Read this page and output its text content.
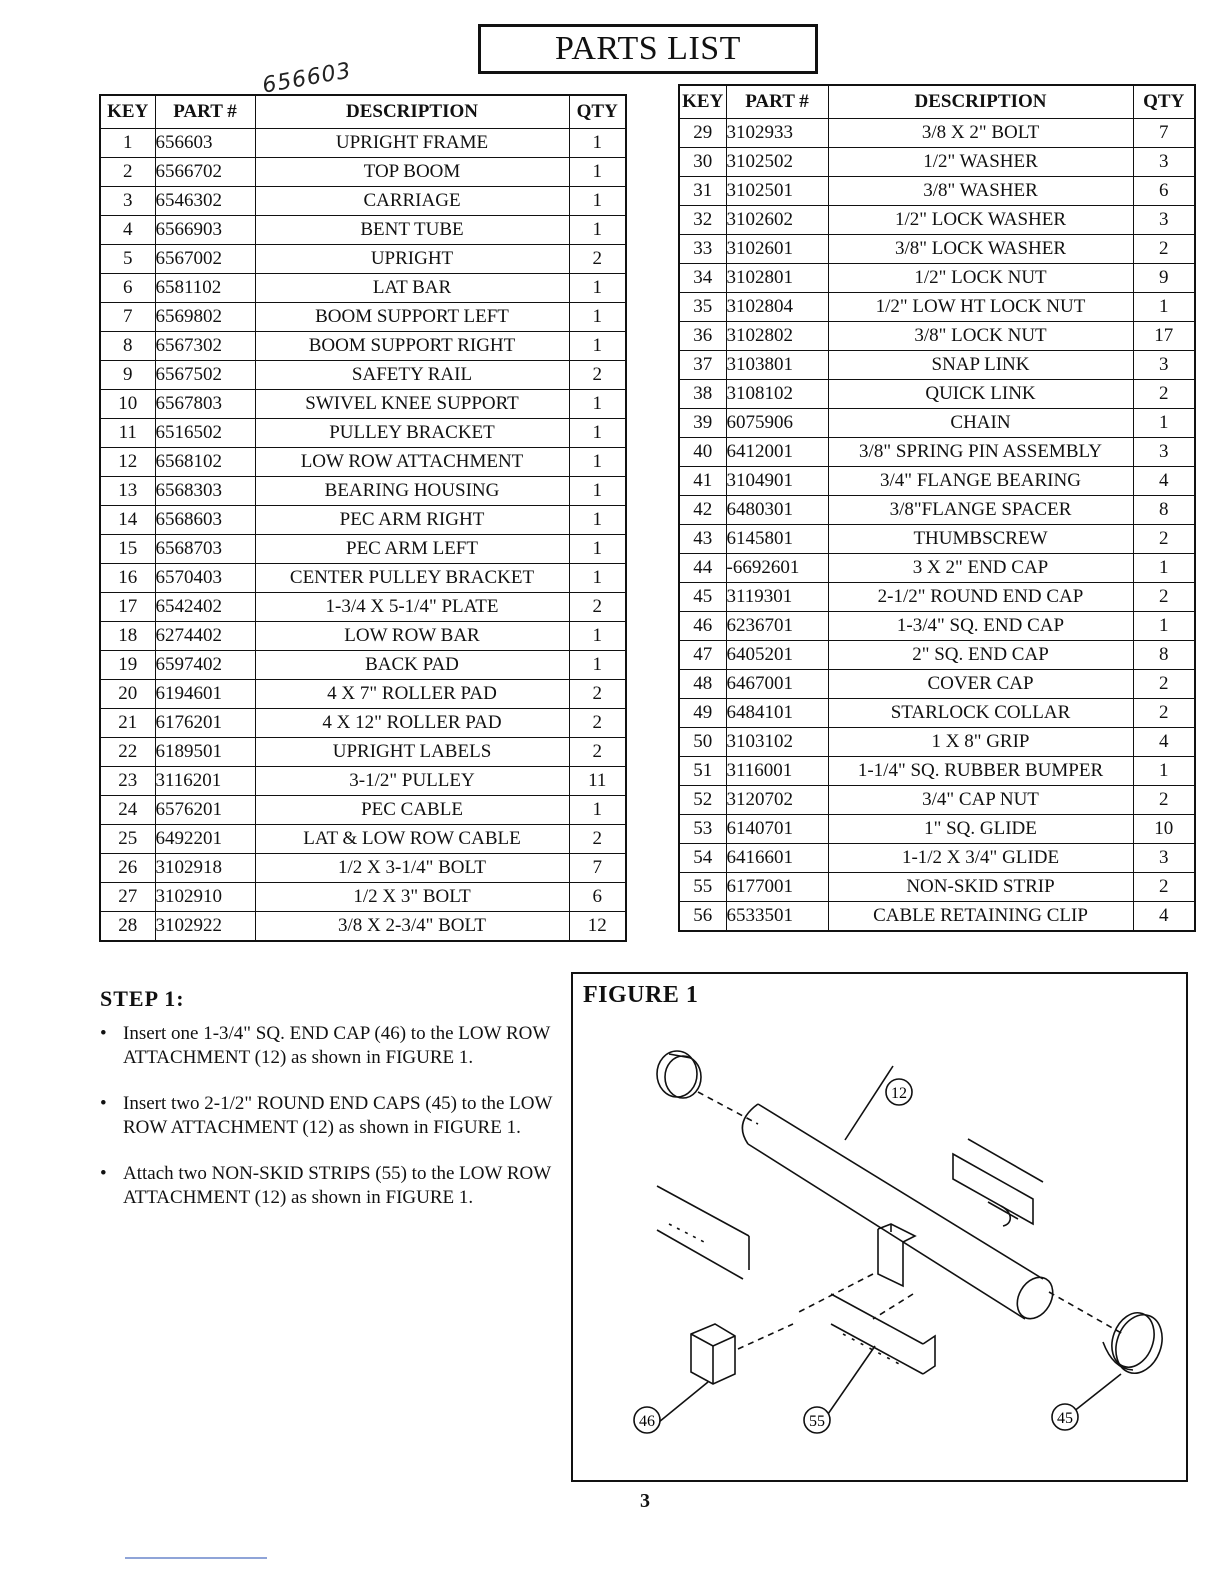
PARTS LIST
656603
KEY	PART #	DESCRIPTION	QTY
1	656603	UPRIGHT FRAME	1
2	6566702	TOP BOOM	1
3	6546302	CARRIAGE	1
4	6566903	BENT TUBE	1
5	6567002	UPRIGHT	2
6	6581102	LAT BAR	1
7	6569802	BOOM SUPPORT LEFT	1
8	6567302	BOOM SUPPORT RIGHT	1
9	6567502	SAFETY RAIL	2
10	6567803	SWIVEL KNEE SUPPORT	1
11	6516502	PULLEY BRACKET	1
12	6568102	LOW ROW ATTACHMENT	1
13	6568303	BEARING HOUSING	1
14	6568603	PEC ARM RIGHT	1
15	6568703	PEC ARM LEFT	1
16	6570403	CENTER PULLEY BRACKET	1
17	6542402	1-3/4 X 5-1/4" PLATE	2
18	6274402	LOW ROW BAR	1
19	6597402	BACK PAD	1
20	6194601	4 X 7" ROLLER PAD	2
21	6176201	4 X 12" ROLLER PAD	2
22	6189501	UPRIGHT LABELS	2
23	3116201	3-1/2" PULLEY	11
24	6576201	PEC CABLE	1
25	6492201	LAT & LOW ROW CABLE	2
26	3102918	1/2 X 3-1/4" BOLT	7
27	3102910	1/2 X 3" BOLT	6
28	3102922	3/8 X 2-3/4" BOLT	12
KEY	PART #	DESCRIPTION	QTY
29	3102933	3/8 X 2" BOLT	7
30	3102502	1/2" WASHER	3
31	3102501	3/8" WASHER	6
32	3102602	1/2" LOCK WASHER	3
33	3102601	3/8" LOCK WASHER	2
34	3102801	1/2" LOCK NUT	9
35	3102804	1/2" LOW HT LOCK NUT	1
36	3102802	3/8" LOCK NUT	17
37	3103801	SNAP LINK	3
38	3108102	QUICK LINK	2
39	6075906	CHAIN	1
40	6412001	3/8" SPRING PIN ASSEMBLY	3
41	3104901	3/4" FLANGE BEARING	4
42	6480301	3/8"FLANGE SPACER	8
43	6145801	THUMBSCREW	2
44	-6692601	3 X 2" END CAP	1
45	3119301	2-1/2" ROUND END CAP	2
46	6236701	1-3/4" SQ. END CAP	1
47	6405201	2" SQ. END CAP	8
48	6467001	COVER CAP	2
49	6484101	STARLOCK COLLAR	2
50	3103102	1 X 8" GRIP	4
51	3116001	1-1/4" SQ. RUBBER BUMPER	1
52	3120702	3/4" CAP NUT	2
53	6140701	1" SQ. GLIDE	10
54	6416601	1-1/2 X 3/4" GLIDE	3
55	6177001	NON-SKID STRIP	2
56	6533501	CABLE RETAINING CLIP	4
STEP 1:
• Insert one 1-3/4" SQ. END CAP (46) to the LOW ROW ATTACHMENT (12) as shown in FIGURE 1.
• Insert two 2-1/2" ROUND END CAPS (45) to the LOW ROW ATTACHMENT (12) as shown in FIGURE 1.
• Attach two NON-SKID STRIPS (55) to the LOW ROW ATTACHMENT (12) as shown in FIGURE 1.
FIGURE 1
12
46	55	45
3
